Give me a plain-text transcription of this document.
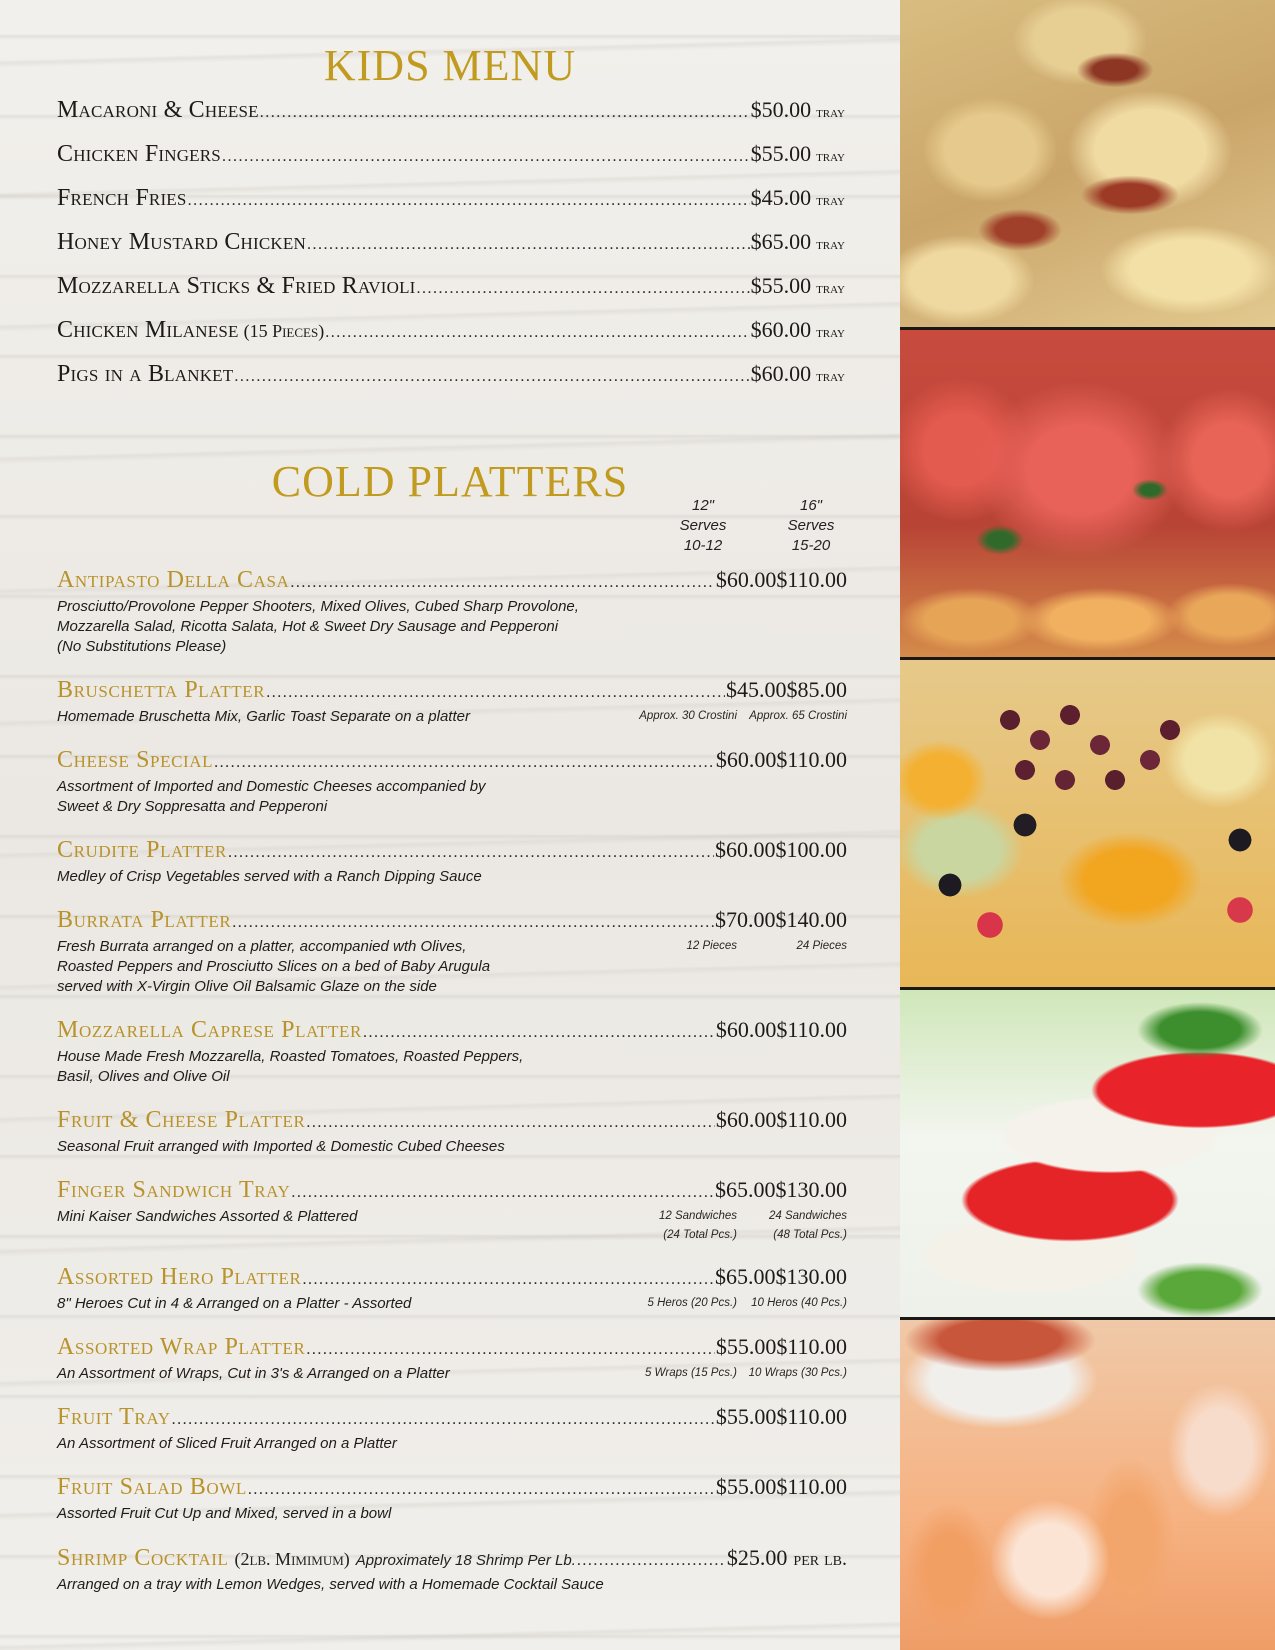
KIDS MENU
Macaroni & Cheese .....	$50.00 tray
Chicken Fingers .....	$55.00 tray
French Fries .....	$45.00 tray
Honey Mustard Chicken .....	$65.00 tray
Mozzarella Sticks & Fried Ravioli .....	$55.00 tray
Chicken Milanese (15 Pieces) .....	$60.00 tray
Pigs in a Blanket .....	$60.00 tray
COLD PLATTERS	12"
Serves
10-12
16"
Serves
15-20
Antipasto Della Casa .....	$60.00 $110.00
Prosciutto/Provolone Pepper Shooters, Mixed Olives, Cubed Sharp Provolone,
Mozzarella Salad, Ricotta Salata, Hot & Sweet Dry Sausage and Pepperoni
(No Substitutions Please)
Bruschetta Platter .....	$45.00 $85.00
Homemade Bruschetta Mix, Garlic Toast Separate on a platter	Approx. 30 Crostini	Approx. 65 Crostini
Cheese Special .....	$60.00 $110.00
Assortment of Imported and Domestic Cheeses accompanied by
Sweet & Dry Soppresatta and Pepperoni
Crudite Platter .....	$60.00 $100.00
Medley of Crisp Vegetables served with a Ranch Dipping Sauce
Burrata Platter .....	$70.00 $140.00
Fresh Burrata arranged on a platter, accompanied wth Olives,
Roasted Peppers and Prosciutto Slices on a bed of Baby Arugula
served with X-Virgin Olive Oil Balsamic Glaze on the side
12 Pieces	24 Pieces
Mozzarella Caprese Platter .....	$60.00 $110.00
House Made Fresh Mozzarella, Roasted Tomatoes, Roasted Peppers,
Basil, Olives and Olive Oil
Fruit & Cheese Platter .....	$60.00 $110.00
Seasonal Fruit arranged with Imported & Domestic Cubed Cheeses
Finger Sandwich Tray .....	$65.00 $130.00
Mini Kaiser Sandwiches Assorted & Plattered	12 Sandwiches
(24 Total Pcs.)
24 Sandwiches
(48 Total Pcs.)
Assorted Hero Platter .....	$65.00 $130.00
8" Heroes Cut in 4 & Arranged on a Platter - Assorted	5 Heros (20 Pcs.)	10 Heros (40 Pcs.)
Assorted Wrap Platter .....	$55.00 $110.00
An Assortment of Wraps, Cut in 3's & Arranged on a Platter	5 Wraps (15 Pcs.)	10 Wraps (30 Pcs.)
Fruit Tray .....	$55.00 $110.00
An Assortment of Sliced Fruit Arranged on a Platter
Fruit Salad Bowl .....	$55.00 $110.00
Assorted Fruit Cut Up and Mixed, served in a bowl
Shrimp Cocktail (2lb. Mimimum) Approximately 18 Shrimp Per Lb. .....	$25.00 per lb.
Arranged on a tray with Lemon Wedges, served with a Homemade Cocktail Sauce
